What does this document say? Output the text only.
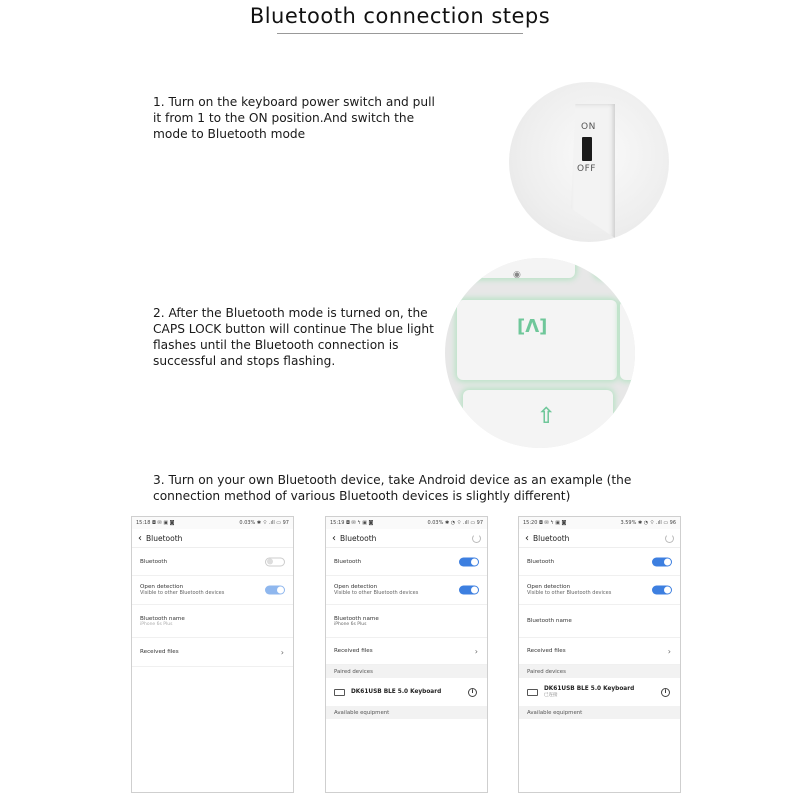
Bluetooth connection steps
1. Turn on the keyboard power switch and pull it from 1 to the ON position.And switch the mode to Bluetooth mode
2. After the Bluetooth mode is turned on, the CAPS LOCK button will continue The blue light flashes until the Bluetooth connection is successful and stops flashing.
3. Turn on your own Bluetooth device, take Android device as an example (the connection method of various Bluetooth devices is slightly different)
ON
OFF
[Λ]
⇧
◉
15:18 ◘ ✉ ▣ ◙	0.03% ✱ ⌔ .ıll ▭ 97
‹ Bluetooth
Bluetooth
Open detection
Visible to other Bluetooth devices
Bluetooth name
iPhone 6s Plus
Received files	›
15:19 ◘ ✉ ϟ ▣ ◙	0.03% ✱ ◔ ⌔ .ıll ▭ 97
‹ Bluetooth
Bluetooth
Open detection
Visible to other Bluetooth devices
Bluetooth name
iPhone 6s Plus
Received files	›
Paired devices
DK61USB BLE 5.0 Keyboard	i
Available equipment
15:20 ◘ ✉ ϟ ▣ ◙	3.59% ✱ ◔ ⌔ .ıll ▭ 96
‹ Bluetooth
Bluetooth
Open detection
Visible to other Bluetooth devices
Bluetooth name
Received files	›
Paired devices
DK61USB BLE 5.0 Keyboard
已连接
i
Available equipment
